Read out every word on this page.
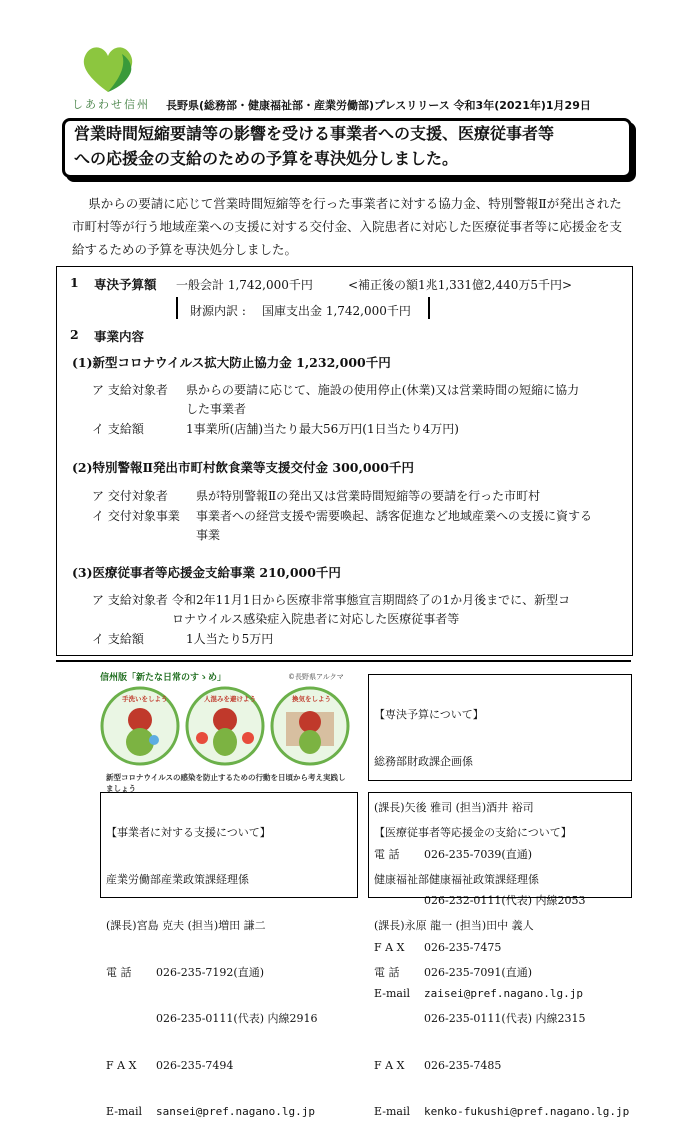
しあわせ信州 長野県(総務部・健康福祉部・産業労働部)プレスリリース 令和3年(2021年)1月29日
営業時間短縮要請等の影響を受ける事業者への支援、医療従事者等
への応援金の支給のための予算を専決処分しました。
県からの要請に応じて営業時間短縮等を行った事業者に対する協力金、特別警報Ⅱが発出された市町村等が行う地域産業への支援に対する交付金、入院患者に対応した医療従事者等に応援金を支給するための予算を専決処分しました。
1 専決予算額 一般会計 1,742,000千円	<補正後の額1兆1,331億2,440万5千円>
財源内訳 : 国庫支出金 1,742,000千円
2 事業内容
(1)新型コロナウイルス拡大防止協力金 1,232,000千円
ア 支給対象者 県からの要請に応じて、施設の使用停止(休業)又は営業時間の短縮に協力
した事業者
イ 支給額	1事業所(店舗)当たり最大56万円(1日当たり4万円)
(2)特別警報Ⅱ発出市町村飲食業等支援交付金 300,000千円
ア 交付対象者 県が特別警報Ⅱの発出又は営業時間短縮等の要請を行った市町村
イ 交付対象事業 事業者への経営支援や需要喚起、誘客促進など地域産業への支援に資する
事業
(3)医療従事者等応援金支給事業 210,000千円
ア 支給対象者 令和2年11月1日から医療非常事態宣言期間終了の1か月後までに、新型コ
ロナウイルス感染症入院患者に対応した医療従事者等
イ 支給額	1人当たり5万円
信州版「新たな日常のすゝめ」	©長野県アルクマ
手洗いをしよう	人混みを避けよう	換気をしよう
新型コロナウイルスの感染を防止するための行動を日頃から考え実践しましょう

【専決予算について】

総務部財政課企画係

(課長)矢後 雅司 (担当)酒井 裕司

電 話 026-235-7039(直通)

026-232-0111(代表) 内線2053

F A X 026-235-7475

E-mail zaisei@pref.nagano.lg.jp

【事業者に対する支援について】

産業労働部産業政策課経理係

(課長)宮島 克夫 (担当)増田 謙二

電 話 026-235-7192(直通)

026-235-0111(代表) 内線2916

F A X 026-235-7494

E-mail sansei@pref.nagano.lg.jp

【医療従事者等応援金の支給について】

健康福祉部健康福祉政策課経理係

(課長)永原 龍一 (担当)田中 義人

電 話 026-235-7091(直通)

026-235-0111(代表) 内線2315

F A X 026-235-7485

E-mail kenko-fukushi@pref.nagano.lg.jp
